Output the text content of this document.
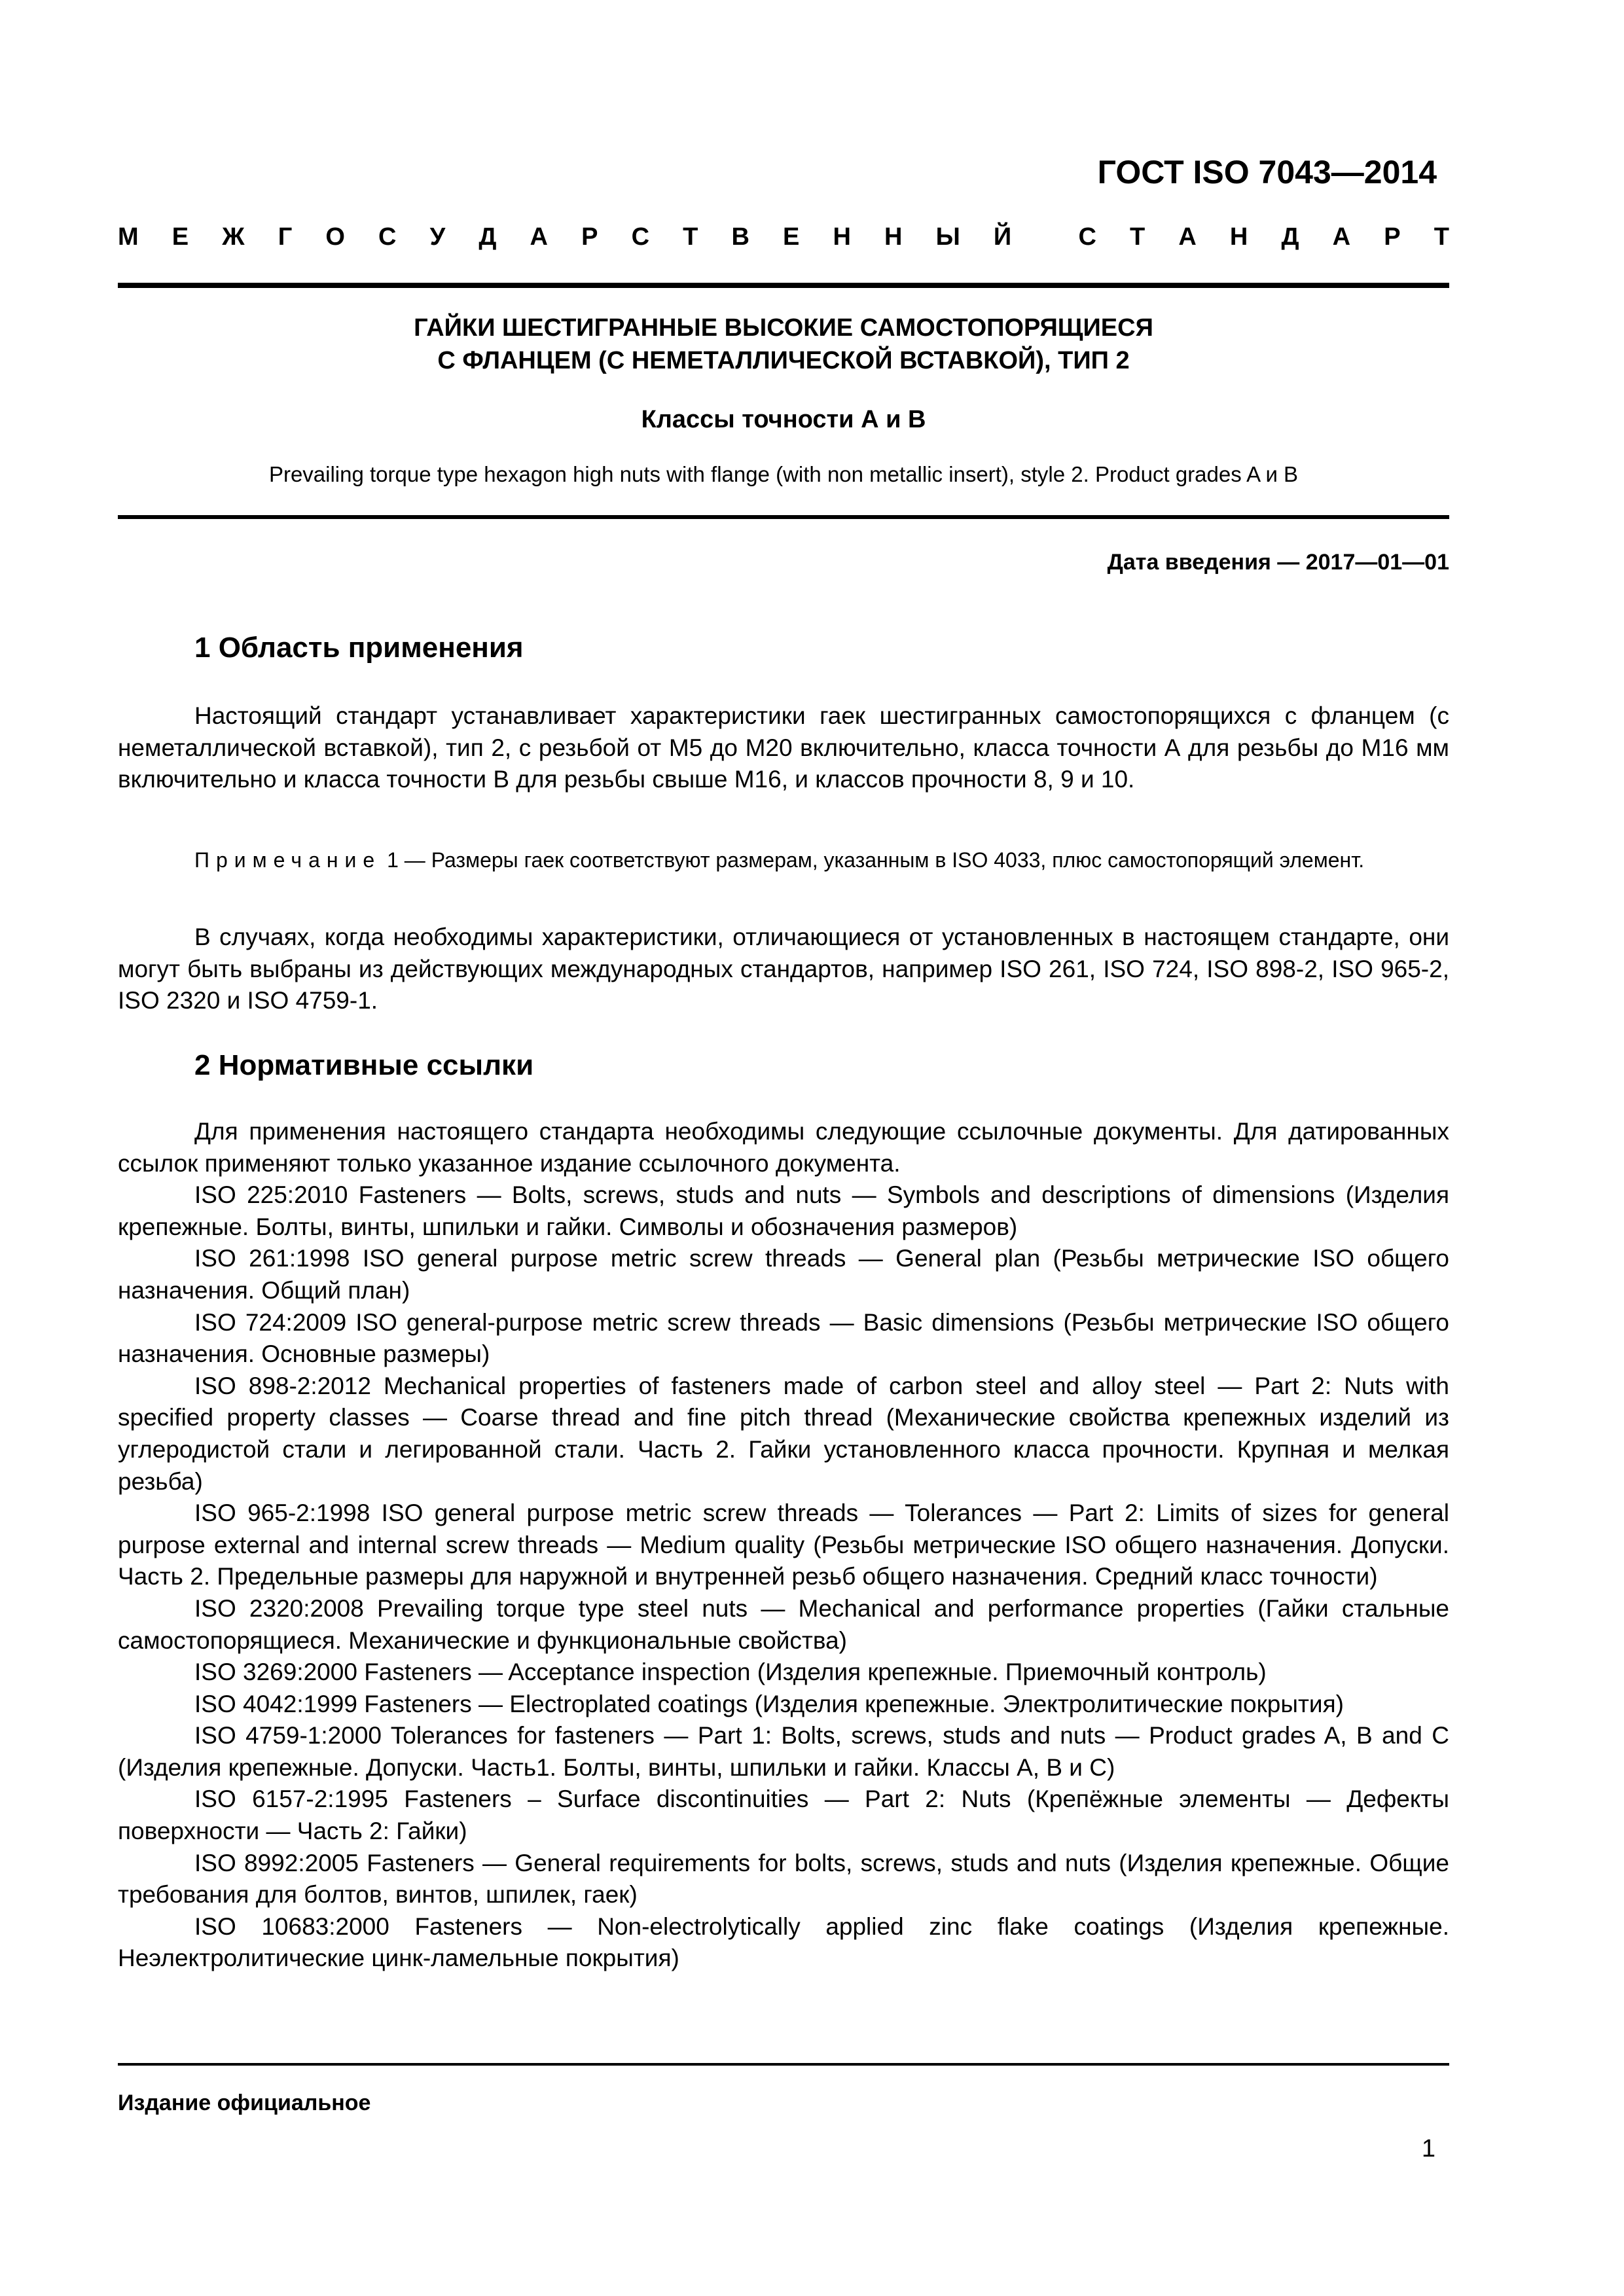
ГОСТ ISO 7043—2014
М Е Ж Г О С У Д А Р С Т В Е Н Н Ы Й	С Т А Н Д А Р Т
ГАЙКИ ШЕСТИГРАННЫЕ ВЫСОКИЕ САМОСТОПОРЯЩИЕСЯ
С ФЛАНЦЕМ (С НЕМЕТАЛЛИЧЕСКОЙ ВСТАВКОЙ), ТИП 2
Классы точности А и В
Prevailing torque type hexagon high nuts with flange (with non metallic insert), style 2. Product grades A и B
Дата введения — 2017—01—01
1 Область применения

Настоящий стандарт устанавливает характеристики гаек шестигранных самостопорящихся с фланцем (с неметаллической вставкой), тип 2, с резьбой от М5 до М20 включительно, класса точности А для резьбы до М16 мм включительно и класса точности В для резьбы свыше М16, и классов прочности 8, 9 и 10.

Примечание 1 — Размеры гаек соответствуют размерам, указанным в ISO 4033, плюс самостопорящий элемент.

В случаях, когда необходимы характеристики, отличающиеся от установленных в настоящем стандарте, они могут быть выбраны из действующих международных стандартов, например ISO 261, ISO 724, ISO 898-2, ISO 965-2, ISO 2320 и ISO 4759-1.

2 Нормативные ссылки

Для применения настоящего стандарта необходимы следующие ссылочные документы. Для датированных ссылок применяют только указанное издание ссылочного документа.

ISO 225:2010 Fasteners — Bolts, screws, studs and nuts — Symbols and descriptions of dimensions (Изделия крепежные. Болты, винты, шпильки и гайки. Символы и обозначения размеров)

ISO 261:1998 ISO general purpose metric screw threads — General plan (Резьбы метрические ISO общего назначения. Общий план)

ISO 724:2009 ISO general-purpose metric screw threads — Basic dimensions (Резьбы метрические ISO общего назначения. Основные размеры)

ISO 898-2:2012 Mechanical properties of fasteners made of carbon steel and alloy steel — Part 2: Nuts with specified property classes — Coarse thread and fine pitch thread (Механические свойства крепежных изделий из углеродистой стали и легированной стали. Часть 2. Гайки установленного класса прочности. Крупная и мелкая резьба)

ISO 965-2:1998 ISO general purpose metric screw threads — Tolerances — Part 2: Limits of sizes for general purpose external and internal screw threads — Medium quality (Резьбы метрические ISO общего назначения. Допуски. Часть 2. Предельные размеры для наружной и внутренней резьб общего назначения. Средний класс точности)

ISO 2320:2008 Prevailing torque type steel nuts — Mechanical and performance properties (Гайки стальные самостопорящиеся. Механические и функциональные свойства)

ISO 3269:2000 Fasteners — Acceptance inspection (Изделия крепежные. Приемочный контроль)

ISO 4042:1999 Fasteners — Electroplated coatings (Изделия крепежные. Электролитические покрытия)

ISO 4759-1:2000 Tolerances for fasteners — Part 1: Bolts, screws, studs and nuts — Product grades A, B and C (Изделия крепежные. Допуски. Часть1. Болты, винты, шпильки и гайки. Классы А, В и С)

ISO 6157-2:1995 Fasteners – Surface discontinuities — Part 2: Nuts (Крепёжные элементы — Дефекты поверхности — Часть 2: Гайки)

ISO 8992:2005 Fasteners — General requirements for bolts, screws, studs and nuts (Изделия крепежные. Общие требования для болтов, винтов, шпилек, гаек)

ISO 10683:2000 Fasteners — Non-electrolytically applied zinc flake coatings (Изделия крепежные. Неэлектролитические цинк-ламельные покрытия)

Издание официальное
1
